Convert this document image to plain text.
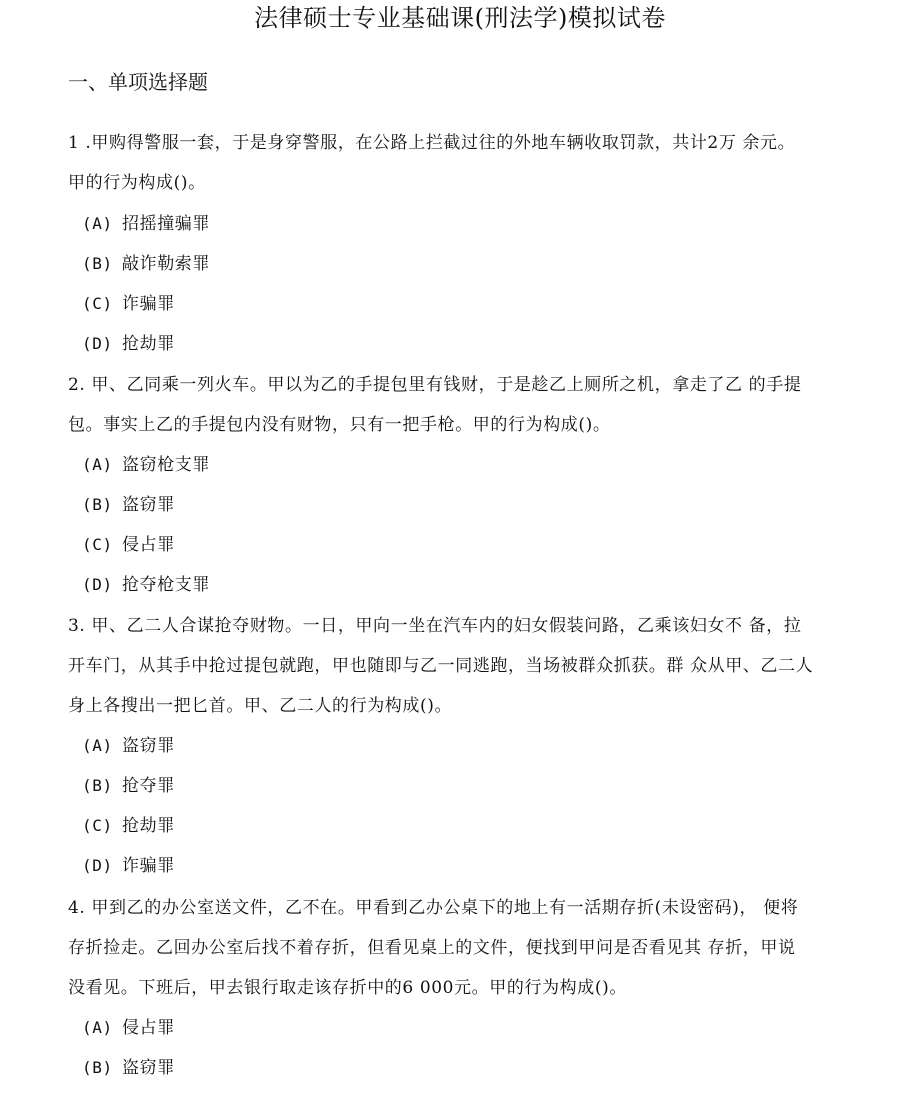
法律硕士专业基础课(刑法学)模拟试卷
一、单项选择题
1 .甲购得警服一套，于是身穿警服，在公路上拦截过往的外地车辆收取罚款，共计2万 余元。
甲的行为构成()。
(A) 招摇撞骗罪
(B) 敲诈勒索罪
(C) 诈骗罪
(D) 抢劫罪
2. 甲、乙同乘一列火车。甲以为乙的手提包里有钱财，于是趁乙上厕所之机，拿走了乙 的手提
包。事实上乙的手提包内没有财物，只有一把手枪。甲的行为构成()。
(A) 盗窃枪支罪
(B) 盗窃罪
(C) 侵占罪
(D) 抢夺枪支罪
3. 甲、乙二人合谋抢夺财物。一日，甲向一坐在汽车内的妇女假装问路，乙乘该妇女不 备，拉
开车门，从其手中抢过提包就跑，甲也随即与乙一同逃跑，当场被群众抓获。群 众从甲、乙二人
身上各搜出一把匕首。甲、乙二人的行为构成()。
(A) 盗窃罪
(B) 抢夺罪
(C) 抢劫罪
(D) 诈骗罪
4. 甲到乙的办公室送文件，乙不在。甲看到乙办公桌下的地上有一活期存折(未设密码)， 便将
存折捡走。乙回办公室后找不着存折，但看见桌上的文件，便找到甲问是否看见其 存折，甲说
没看见。下班后，甲去银行取走该存折中的6 000元。甲的行为构成()。
(A) 侵占罪
(B) 盗窃罪
